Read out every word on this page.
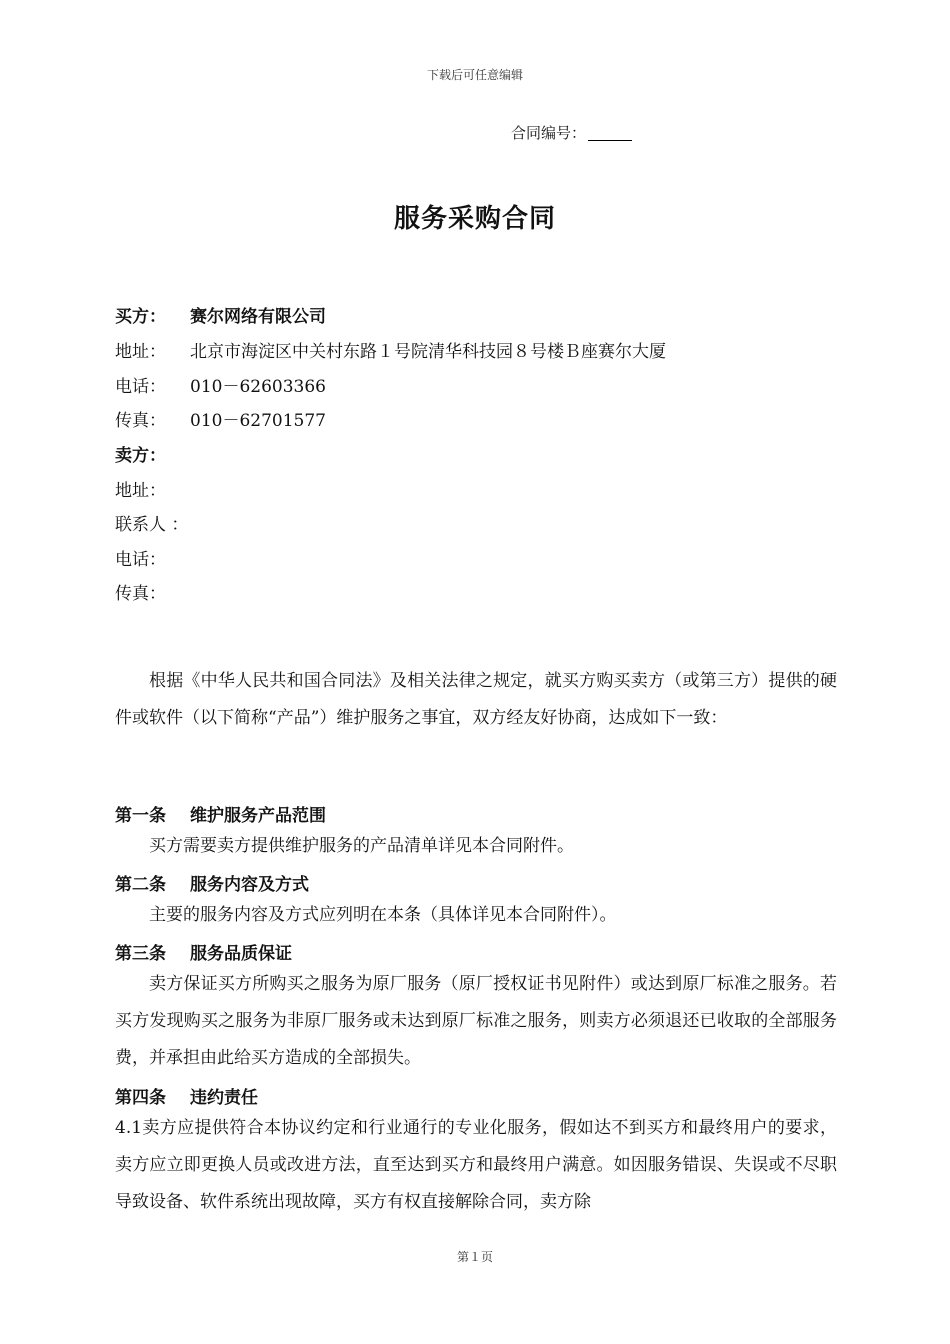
下载后可任意编辑
合同编号：
服务采购合同
买方： 赛尔网络有限公司
地址： 北京市海淀区中关村东路１号院清华科技园８号楼Ｂ座赛尔大厦
电话： 010－62603366
传真： 010－62701577
卖方：
地址：
联系人 ：
电话：
传真：
根据《中华人民共和国合同法》及相关法律之规定，就买方购买卖方（或第三方）提供的硬件或软件（以下简称“产品”）维护服务之事宜，双方经友好协商，达成如下一致：
第一条 维护服务产品范围
买方需要卖方提供维护服务的产品清单详见本合同附件。
第二条 服务内容及方式
主要的服务内容及方式应列明在本条（具体详见本合同附件）。
第三条 服务品质保证
卖方保证买方所购买之服务为原厂服务（原厂授权证书见附件）或达到原厂标准之服务。若买方发现购买之服务为非原厂服务或未达到原厂标准之服务，则卖方必须退还已收取的全部服务费，并承担由此给买方造成的全部损失。
第四条 违约责任
4.1卖方应提供符合本协议约定和行业通行的专业化服务，假如达不到买方和最终用户的要求，卖方应立即更换人员或改进方法，直至达到买方和最终用户满意。如因服务错误、失误或不尽职导致设备、软件系统出现故障，买方有权直接解除合同，卖方除
第１页
